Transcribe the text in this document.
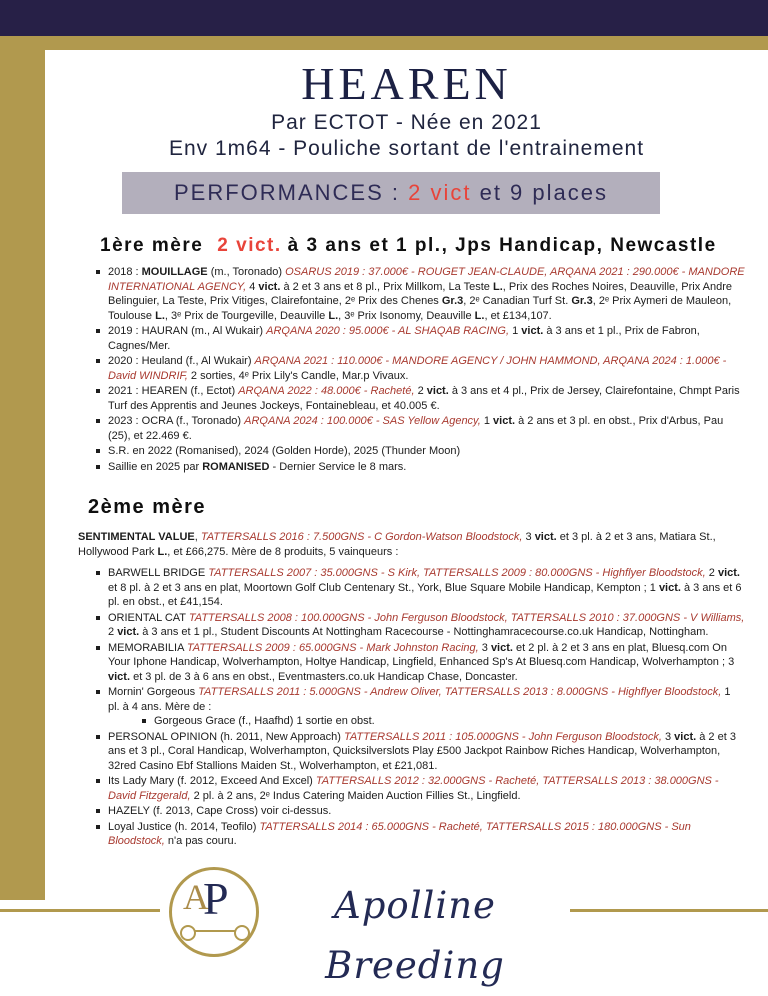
HEAREN
Par ECTOT - Née en 2021
Env 1m64 - Pouliche sortant de l'entrainement
PERFORMANCES : 2 vict et 9 places
1ère mère 2 vict. à 3 ans et 1 pl., Jps Handicap, Newcastle
2018 : MOUILLAGE (m., Toronado) OSARUS 2019 : 37.000€ - ROUGET JEAN-CLAUDE, ARQANA 2021 : 290.000€ - MANDORE INTERNATIONAL AGENCY, 4 vict. à 2 et 3 ans et 8 pl., Prix Millkom, La Teste L., Prix des Roches Noires, Deauville, Prix Andre Belinguier, La Teste, Prix Vitiges, Clairefontaine, 2ᵉ Prix des Chenes Gr.3, 2ᵉ Canadian Turf St. Gr.3, 2ᵉ Prix Aymeri de Mauleon, Toulouse L., 3ᵉ Prix de Tourgeville, Deauville L., 3ᵉ Prix Isonomy, Deauville L., et £134,107.
2019 : HAURAN (m., Al Wukair) ARQANA 2020 : 95.000€ - AL SHAQAB RACING, 1 vict. à 3 ans et 1 pl., Prix de Fabron, Cagnes/Mer.
2020 : Heuland (f., Al Wukair) ARQANA 2021 : 110.000€ - MANDORE AGENCY / JOHN HAMMOND, ARQANA 2024 : 1.000€ - David WINDRIF, 2 sorties, 4ᵉ Prix Lily's Candle, Mar.p Vivaux.
2021 : HEAREN (f., Ectot) ARQANA 2022 : 48.000€ - Racheté, 2 vict. à 3 ans et 4 pl., Prix de Jersey, Clairefontaine, Chmpt Paris Turf des Apprentis and Jeunes Jockeys, Fontainebleau, et 40.005 €.
2023 : OCRA (f., Toronado) ARQANA 2024 : 100.000€ - SAS Yellow Agency, 1 vict. à 2 ans et 3 pl. en obst., Prix d'Arbus, Pau (25), et 22.469 €.
S.R. en 2022 (Romanised), 2024 (Golden Horde), 2025 (Thunder Moon)
Saillie en 2025 par ROMANISED - Dernier Service le 8 mars.
2ème mère

SENTIMENTAL VALUE, TATTERSALLS 2016 : 7.500GNS - C Gordon-Watson Bloodstock, 3 vict. et 3 pl. à 2 et 3 ans, Matiara St., Hollywood Park L., et £66,275. Mère de 8 produits, 5 vainqueurs :

BARWELL BRIDGE TATTERSALLS 2007 : 35.000GNS - S Kirk, TATTERSALLS 2009 : 80.000GNS - Highflyer Bloodstock, 2 vict. et 8 pl. à 2 et 3 ans en plat, Moortown Golf Club Centenary St., York, Blue Square Mobile Handicap, Kempton ; 1 vict. à 3 ans et 6 pl. en obst., et £41,154.
ORIENTAL CAT TATTERSALLS 2008 : 100.000GNS - John Ferguson Bloodstock, TATTERSALLS 2010 : 37.000GNS - V Williams, 2 vict. à 3 ans et 1 pl., Student Discounts At Nottingham Racecourse - Nottinghamracecourse.co.uk Handicap, Nottingham.
MEMORABILIA TATTERSALLS 2009 : 65.000GNS - Mark Johnston Racing, 3 vict. et 2 pl. à 2 et 3 ans en plat, Bluesq.com On Your Iphone Handicap, Wolverhampton, Holtye Handicap, Lingfield, Enhanced Sp's At Bluesq.com Handicap, Wolverhampton ; 3 vict. et 3 pl. de 3 à 6 ans en obst., Eventmasters.co.uk Handicap Chase, Doncaster.
Mornin' Gorgeous TATTERSALLS 2011 : 5.000GNS - Andrew Oliver, TATTERSALLS 2013 : 8.000GNS - Highflyer Bloodstock, 1 pl. à 4 ans. Mère de :
Gorgeous Grace (f., Haafhd) 1 sortie en obst.
PERSONAL OPINION (h. 2011, New Approach) TATTERSALLS 2011 : 105.000GNS - John Ferguson Bloodstock, 3 vict. à 2 et 3 ans et 3 pl., Coral Handicap, Wolverhampton, Quicksilverslots Play £500 Jackpot Rainbow Riches Handicap, Wolverhampton, 32red Casino Ebf Stallions Maiden St., Wolverhampton, et £21,081.
Its Lady Mary (f. 2012, Exceed And Excel) TATTERSALLS 2012 : 32.000GNS - Racheté, TATTERSALLS 2013 : 38.000GNS - David Fitzgerald, 2 pl. à 2 ans, 2ᵉ Indus Catering Maiden Auction Fillies St., Lingfield.
HAZELY (f. 2013, Cape Cross) voir ci-dessus.
Loyal Justice (h. 2014, Teofilo) TATTERSALLS 2014 : 65.000GNS - Racheté, TATTERSALLS 2015 : 180.000GNS - Sun Bloodstock, n'a pas couru.
A
P	Apolline Breeding
